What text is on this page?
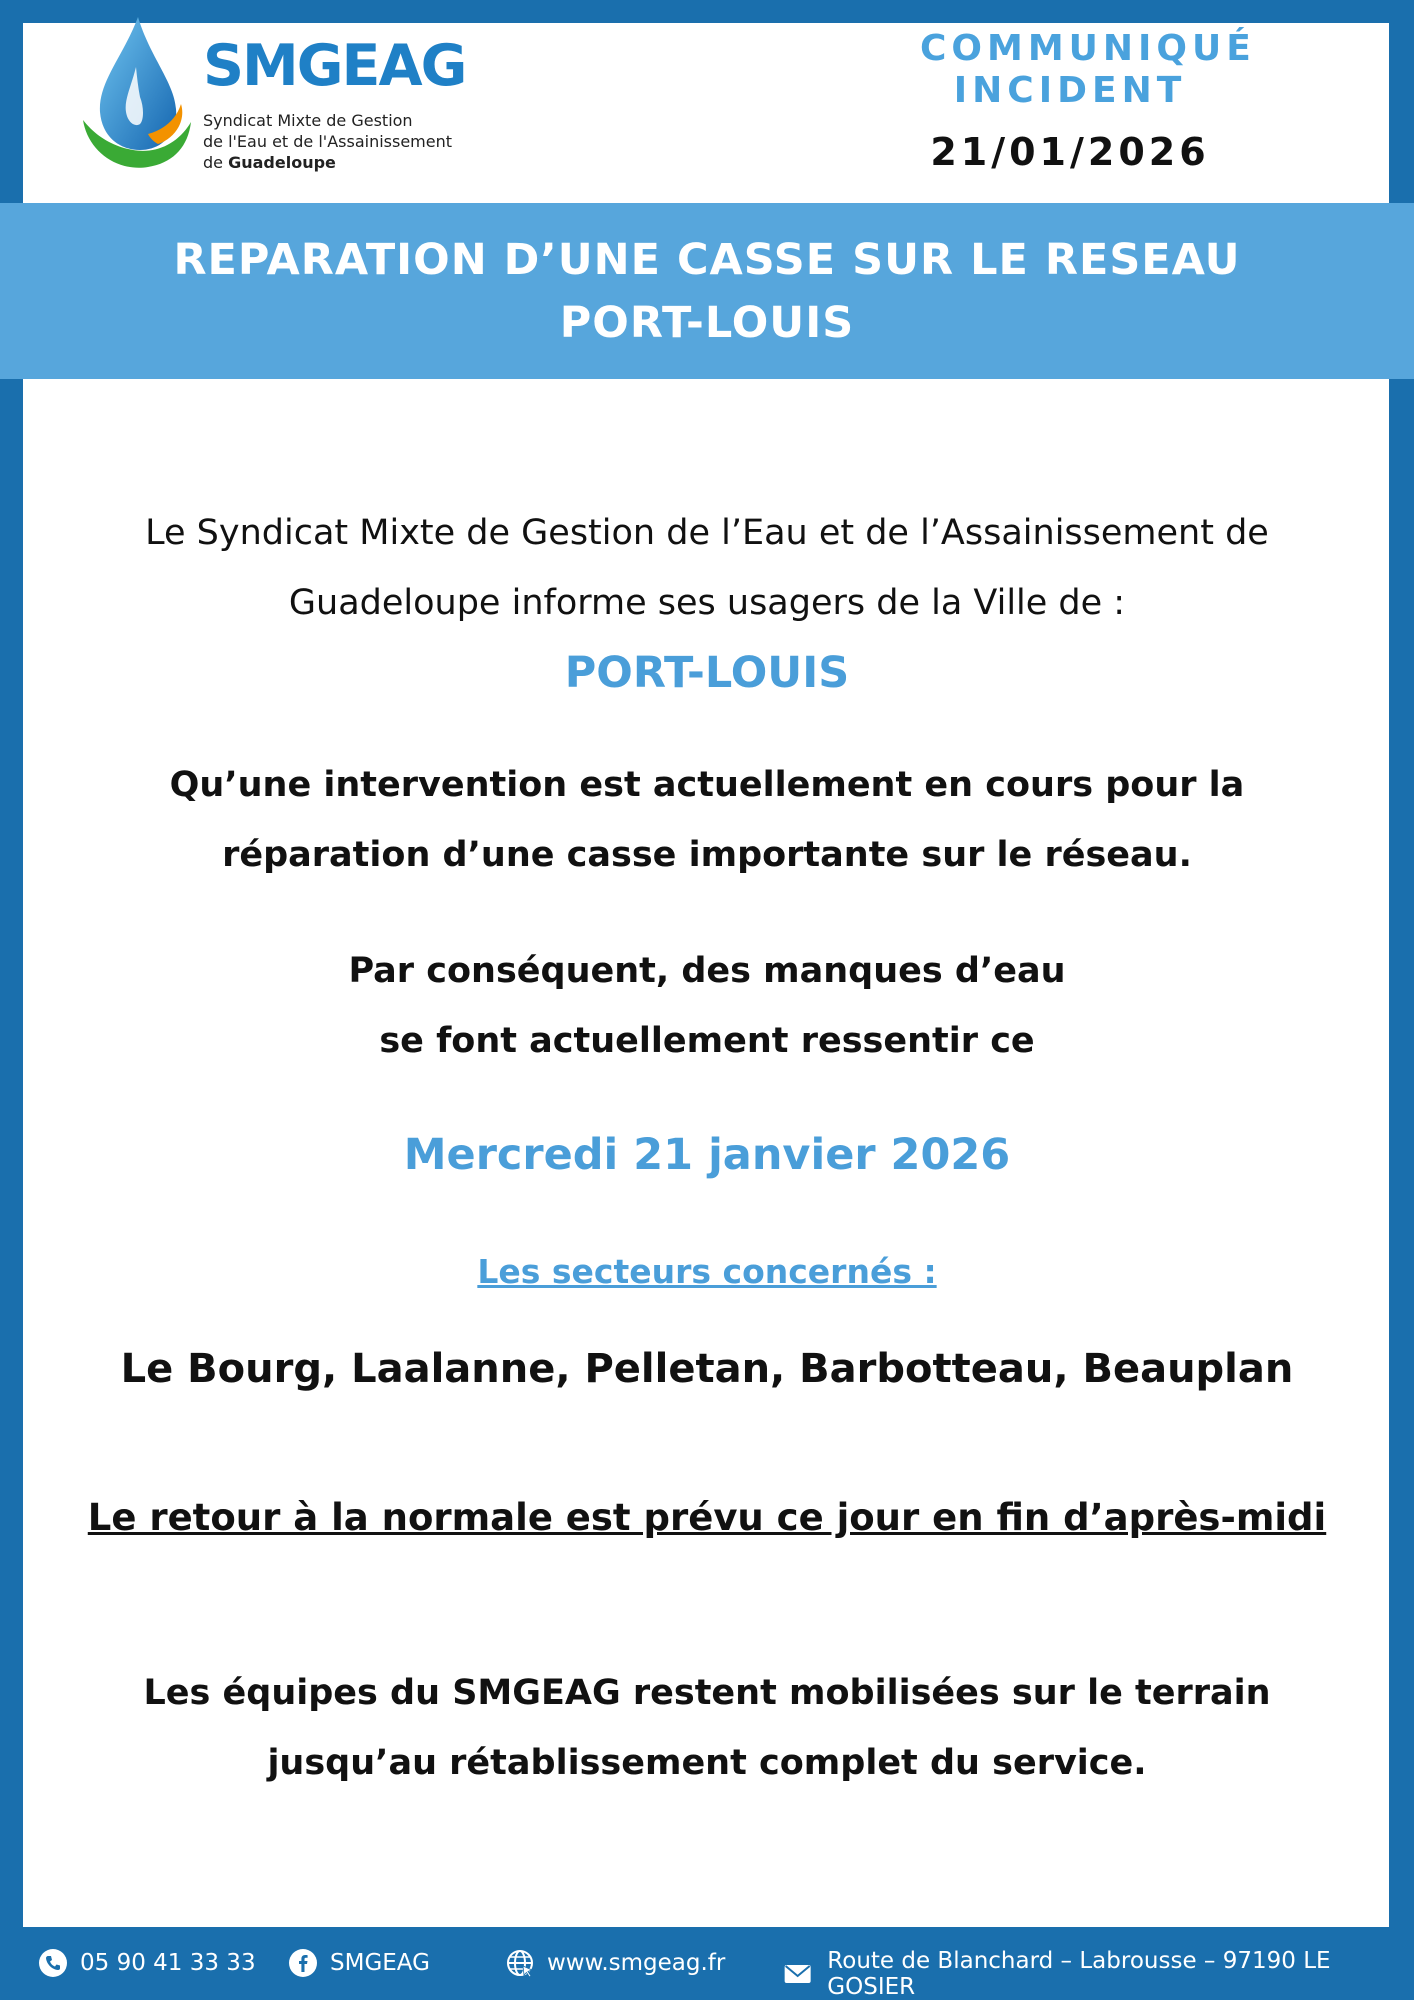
SMGEAG
Syndicat Mixte de Gestion
de l'Eau et de l'Assainissement
de Guadeloupe
COMMUNIQUÉ
INCIDENT
21/01/2026
REPARATION D’UNE CASSE SUR LE RESEAU
PORT-LOUIS
Le Syndicat Mixte de Gestion de l’Eau et de l’Assainissement de
Guadeloupe informe ses usagers de la Ville de :
PORT-LOUIS
Qu’une intervention est actuellement en cours pour la
réparation d’une casse importante sur le réseau.
Par conséquent, des manques d’eau
se font actuellement ressentir ce
Mercredi 21 janvier 2026
Les secteurs concernés :
Le Bourg, Laalanne, Pelletan, Barbotteau, Beauplan
Le retour à la normale est prévu ce jour en fin d’après-midi
Les équipes du SMGEAG restent mobilisées sur le terrain
jusqu’au rétablissement complet du service.
05 90 41 33 33	SMGEAG	www.smgeag.fr	Route de Blanchard – Labrousse – 97190 LE GOSIER
